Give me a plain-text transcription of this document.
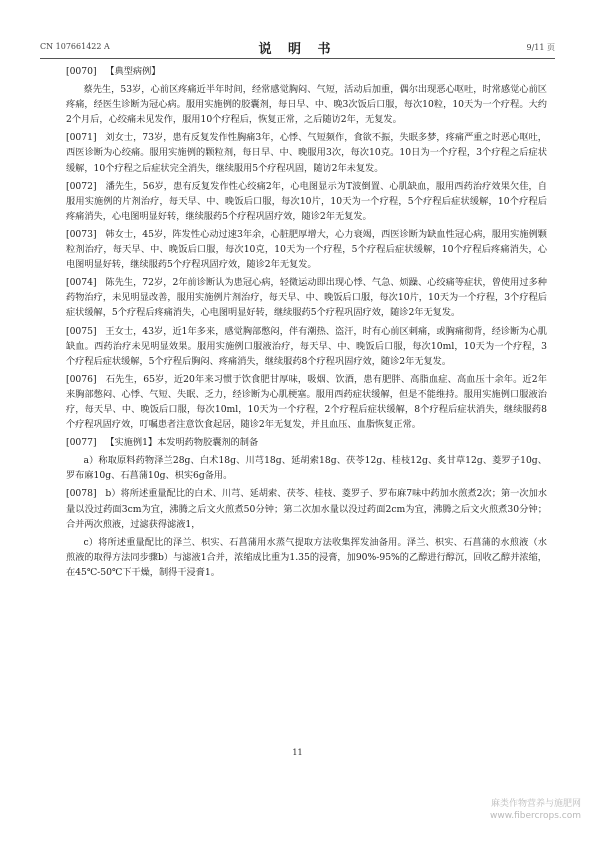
CN 107661422 A	说 明 书	9/11 页

[0070] 【典型病例】

蔡先生，53岁，心前区疼痛近半年时间，经常感觉胸闷、气短，活动后加重，偶尔出现恶心呕吐，时常感觉心前区疼痛，经医生诊断为冠心病。服用实施例的胶囊剂，每日早、中、晚3次饭后口服，每次10粒，10天为一个疗程。大约2个月后，心绞痛未见发作，服用10个疗程后，恢复正常，之后随访2年，无复发。

[0071] 刘女士，73岁，患有反复发作性胸痛3年，心悸、气短频作，食欲不振，失眠多梦，疼痛严重之时恶心呕吐，西医诊断为心绞痛。服用实施例的颗粒剂，每日早、中、晚服用3次，每次10克。10日为一个疗程，3个疗程之后症状缓解，10个疗程之后症状完全消失，继续服用5个疗程巩固，随访2年未复发。

[0072] 潘先生，56岁，患有反复发作性心绞痛2年，心电图显示为T波倒置、心肌缺血，服用西药治疗效果欠佳，自服用实施例的片剂治疗，每天早、中、晚饭后口服，每次10片，10天为一个疗程，5个疗程后症状缓解，10个疗程后疼痛消失，心电图明显好转，继续服药5个疗程巩固疗效，随诊2年无复发。

[0073] 韩女士，45岁，阵发性心动过速3年余，心脏肥厚增大，心力衰竭，西医诊断为缺血性冠心病，服用实施例颗粒剂治疗，每天早、中、晚饭后口服，每次10克，10天为一个疗程，5个疗程后症状缓解，10个疗程后疼痛消失，心电图明显好转，继续服药5个疗程巩固疗效，随诊2年无复发。

[0074] 陈先生，72岁，2年前诊断认为患冠心病，轻微运动即出现心悸、气急、烦躁、心绞痛等症状，曾使用过多种药物治疗，未见明显改善，服用实施例片剂治疗，每天早、中、晚饭后口服，每次10片，10天为一个疗程，3个疗程后症状缓解，5个疗程后疼痛消失，心电图明显好转，继续服药5个疗程巩固疗效，随诊2年无复发。

[0075] 王女士，43岁，近1年多来，感觉胸部憋闷，伴有潮热、盗汗，时有心前区刺痛，或胸痛彻背，经诊断为心肌缺血。西药治疗未见明显效果。服用实施例口服液治疗，每天早、中、晚饭后口服，每次10ml，10天为一个疗程，3个疗程后症状缓解，5个疗程后胸闷、疼痛消失，继续服药8个疗程巩固疗效，随诊2年无复发。

[0076] 石先生，65岁，近20年来习惯于饮食肥甘厚味，吸烟、饮酒，患有肥胖、高脂血症、高血压十余年。近2年来胸部憋闷、心悸、气短、失眠、乏力，经诊断为心肌梗塞。服用西药症状缓解，但是不能维持。服用实施例口服液治疗，每天早、中、晚饭后口服，每次10ml，10天为一个疗程，2个疗程后症状缓解，8个疗程后症状消失，继续服药8个疗程巩固疗效，叮嘱患者注意饮食起居，随诊2年无复发，并且血压、血脂恢复正常。

[0077] 【实施例1】本发明药物胶囊剂的制备

a）称取原料药物泽兰28g、白术18g、川芎18g、延胡索18g、茯苓12g、桂枝12g、炙甘草12g、菱罗子10g、罗布麻10g、石菖蒲10g、枳实6g备用。

[0078] b）将所述重量配比的白术、川芎、延胡索、茯苓、桂枝、菱罗子、罗布麻7味中药加水煎煮2次；第一次加水量以没过药面3cm为宜，沸腾之后文火煎煮50分钟；第二次加水量以没过药面2cm为宜，沸腾之后文火煎煮30分钟；合并两次煎液，过滤获得滤液1，

c）将所述重量配比的泽兰、枳实、石菖蒲用水蒸气提取方法收集挥发油备用。泽兰、枳实、石菖蒲的水煎液（水煎液的取得方法同步骤b）与滤液1合并，浓缩成比重为1.35的浸膏，加90%-95%的乙醇进行醇沉，回收乙醇并浓缩，在45℃-50℃下干燥，制得干浸膏1。

11
麻类作物营养与施肥网
www.fibercrops.com
